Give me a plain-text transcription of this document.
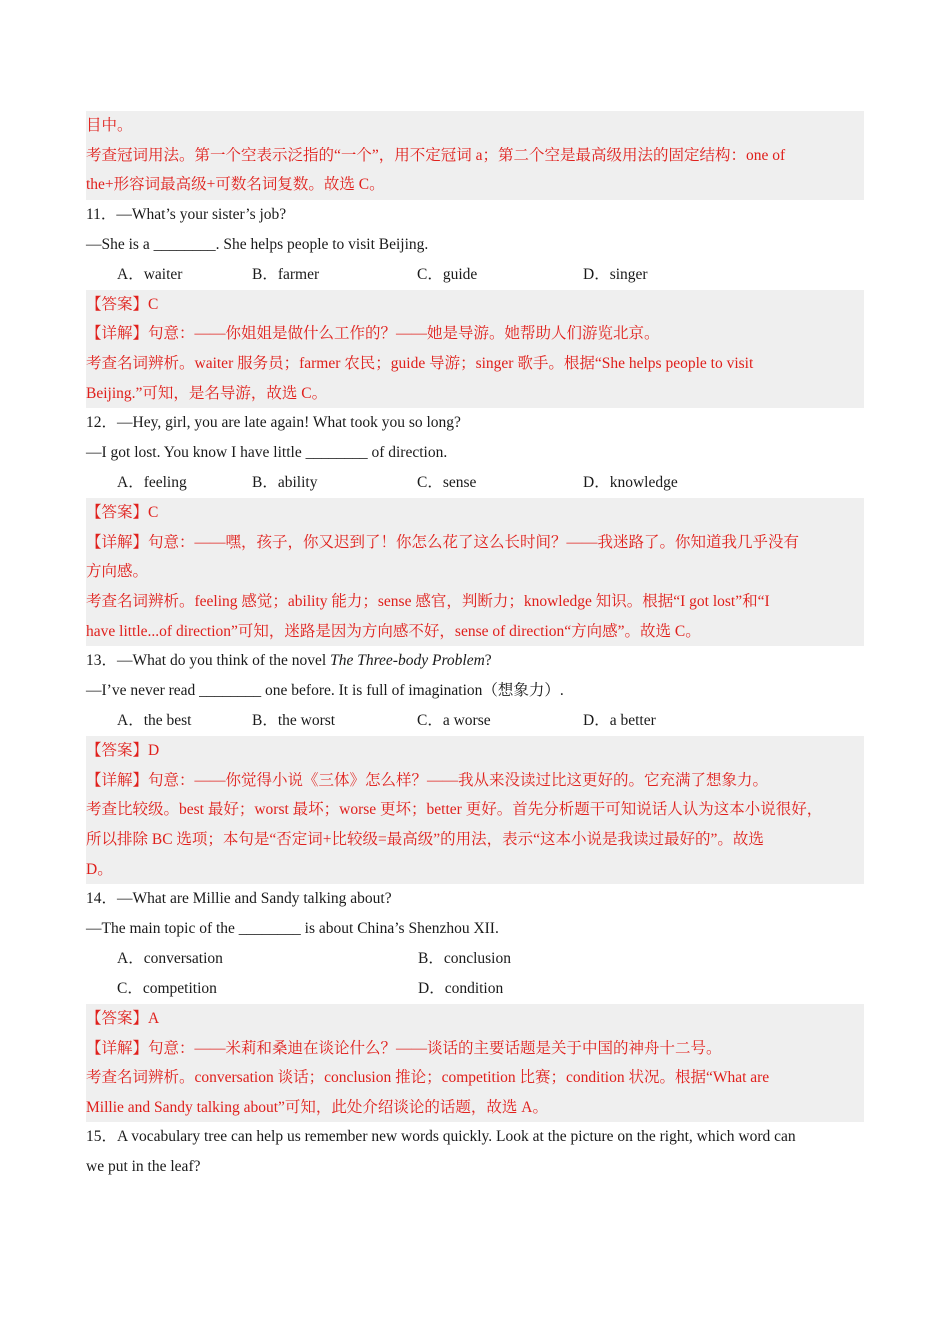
目中。
考查冠词用法。第一个空表示泛指的“一个”，用不定冠词 a；第二个空是最高级用法的固定结构：one of
the+形容词最高级+可数名词复数。故选 C。
11．—What’s your sister’s job?
—She is a ________. She helps people to visit Beijing.
A．waiter	B．farmer	C．guide	D．singer
【答案】C
【详解】句意：——你姐姐是做什么工作的？——她是导游。她帮助人们游览北京。
考查名词辨析。waiter 服务员；farmer 农民；guide 导游；singer 歌手。根据“She helps people to visit
Beijing.”可知，是名导游，故选 C。
12．—Hey, girl, you are late again! What took you so long?
—I got lost. You know I have little ________ of direction.
A．feeling	B．ability	C．sense	D．knowledge
【答案】C
【详解】句意：——嘿，孩子，你又迟到了！你怎么花了这么长时间？——我迷路了。你知道我几乎没有
方向感。
考查名词辨析。feeling 感觉；ability 能力；sense 感官，判断力；knowledge 知识。根据“I got lost”和“I
have little...of direction”可知，迷路是因为方向感不好，sense of direction“方向感”。故选 C。
13．—What do you think of the novel The Three-body Problem?
—I’ve never read ________ one before. It is full of imagination（想象力）.
A．the best	B．the worst	C．a worse	D．a better
【答案】D
【详解】句意：——你觉得小说《三体》怎么样？——我从来没读过比这更好的。它充满了想象力。
考查比较级。best 最好；worst 最坏；worse 更坏；better 更好。首先分析题干可知说话人认为这本小说很好，
所以排除 BC 选项；本句是“否定词+比较级=最高级”的用法，表示“这本小说是我读过最好的”。故选
D。
14．—What are Millie and Sandy talking about?
—The main topic of the ________ is about China’s Shenzhou XII.
A．conversation	B．conclusion
C．competition	D．condition
【答案】A
【详解】句意：——米莉和桑迪在谈论什么？——谈话的主要话题是关于中国的神舟十二号。
考查名词辨析。conversation 谈话；conclusion 推论；competition 比赛；condition 状况。根据“What are
Millie and Sandy talking about”可知，此处介绍谈论的话题，故选 A。
15．A vocabulary tree can help us remember new words quickly. Look at the picture on the right, which word can
we put in the leaf?
